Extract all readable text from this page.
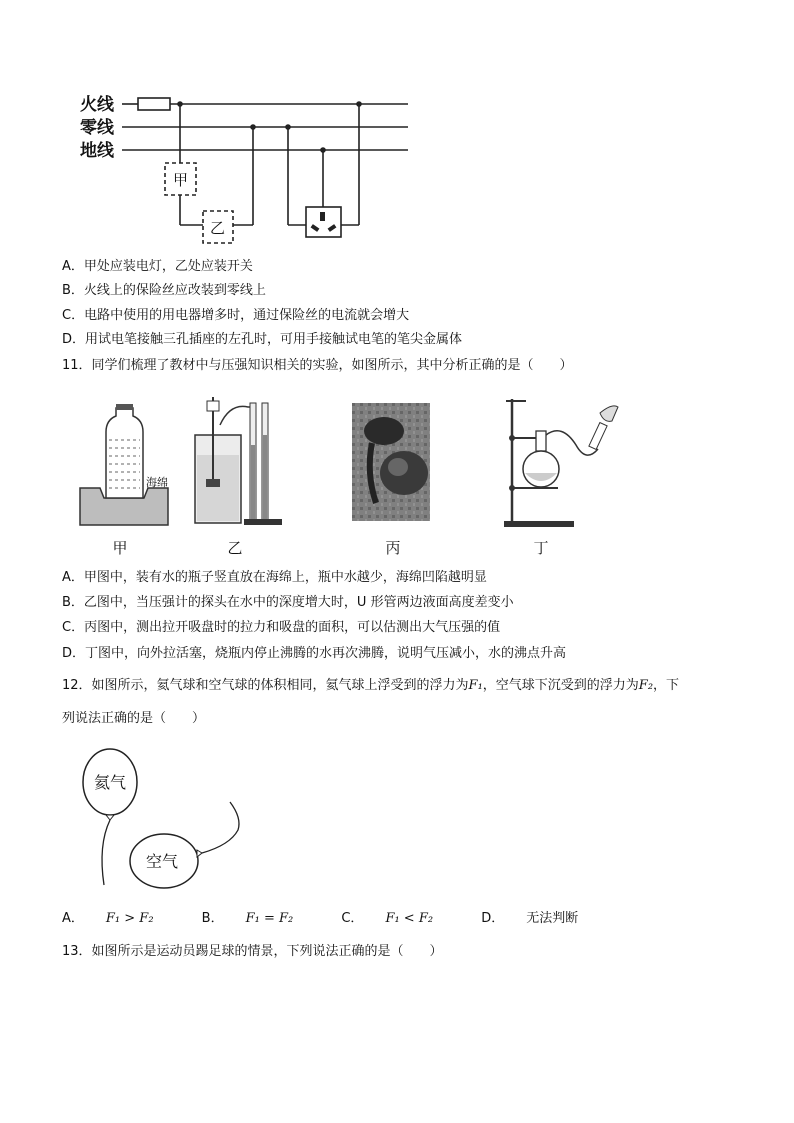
火线
零线
地线
甲
乙
A．甲处应装电灯，乙处应装开关
B．火线上的保险丝应改装到零线上
C．电路中使用的用电器增多时，通过保险丝的电流就会增大
D．用试电笔接触三孔插座的左孔时，可用手接触试电笔的笔尖金属体
11．同学们梳理了教材中与压强知识相关的实验，如图所示，其中分析正确的是（　　）
海绵
甲	乙	丙	丁
A．甲图中，装有水的瓶子竖直放在海绵上，瓶中水越少，海绵凹陷越明显
B．乙图中，当压强计的探头在水中的深度增大时，U 形管两边液面高度差变小
C．丙图中，测出拉开吸盘时的拉力和吸盘的面积，可以估测出大气压强的值
D．丁图中，向外拉活塞，烧瓶内停止沸腾的水再次沸腾，说明气压减小，水的沸点升高
12．如图所示，氦气球和空气球的体积相同，氦气球上浮受到的浮力为F₁，空气球下沉受到的浮力为F₂，下
列说法正确的是（　　）
氦气
空气
A． F₁ > F₂	B． F₁ = F₂	C． F₁ < F₂	D． 无法判断
13．如图所示是运动员踢足球的情景，下列说法正确的是（　　）
